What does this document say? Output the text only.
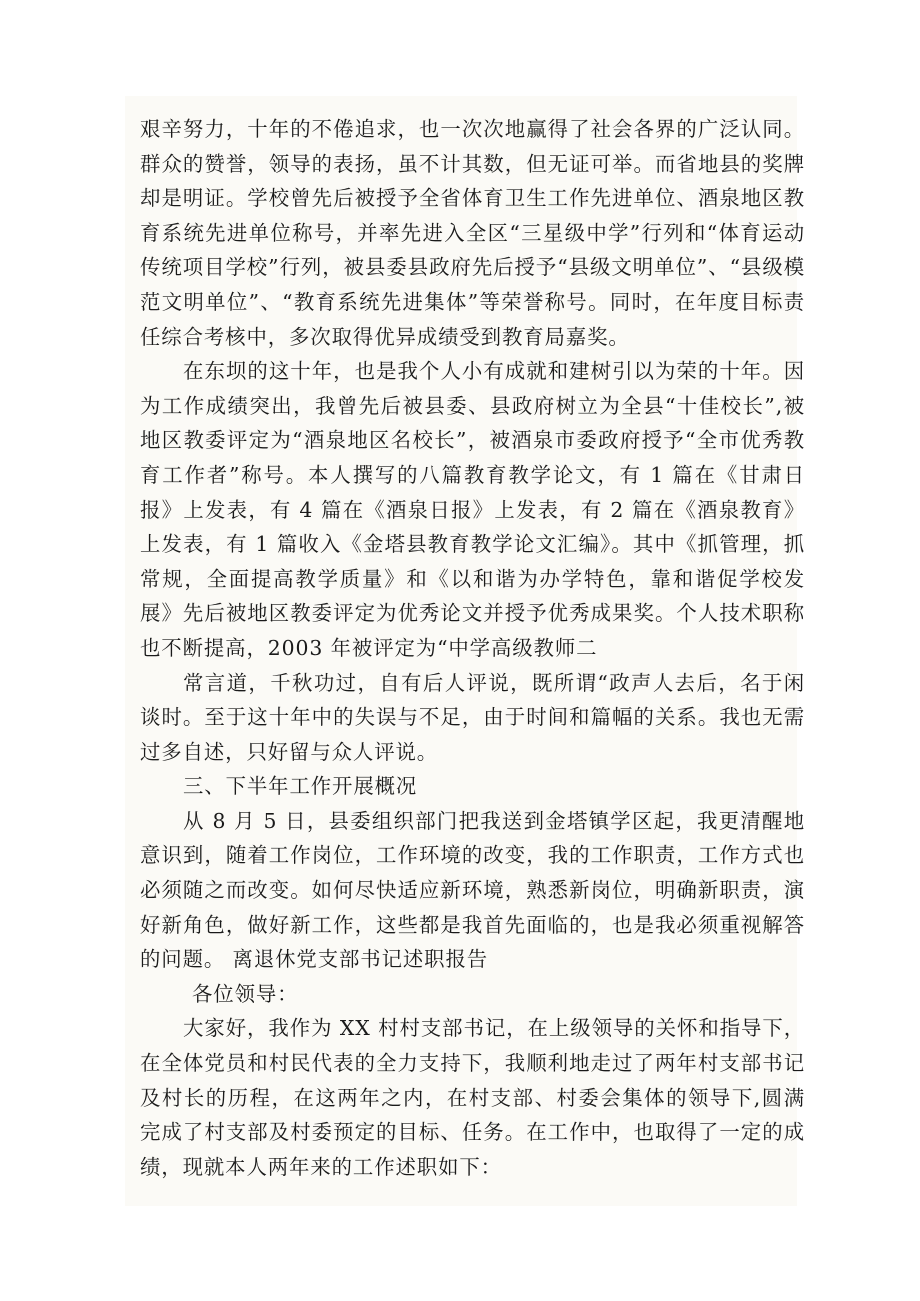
艰辛努力，十年的不倦追求，也一次次地赢得了社会各界的广泛认同。群众的赞誉，领导的表扬，虽不计其数，但无证可举。而省地县的奖牌却是明证。学校曾先后被授予全省体育卫生工作先进单位、酒泉地区教育系统先进单位称号，并率先进入全区“三星级中学”行列和“体育运动传统项目学校”行列，被县委县政府先后授予“县级文明单位”、“县级模范文明单位”、“教育系统先进集体”等荣誉称号。同时，在年度目标责任综合考核中，多次取得优异成绩受到教育局嘉奖。

在东坝的这十年，也是我个人小有成就和建树引以为荣的十年。因为工作成绩突出，我曾先后被县委、县政府树立为全县“十佳校长”,被地区教委评定为“酒泉地区名校长”，被酒泉市委政府授予“全市优秀教育工作者”称号。本人撰写的八篇教育教学论文，有 1 篇在《甘肃日报》上发表，有 4 篇在《酒泉日报》上发表，有 2 篇在《酒泉教育》上发表，有 1 篇收入《金塔县教育教学论文汇编》。其中《抓管理，抓常规，全面提高教学质量》和《以和谐为办学特色，靠和谐促学校发展》先后被地区教委评定为优秀论文并授予优秀成果奖。个人技术职称也不断提高，2003 年被评定为“中学高级教师二

常言道，千秋功过，自有后人评说，既所谓“政声人去后，名于闲谈时。至于这十年中的失误与不足，由于时间和篇幅的关系。我也无需过多自述，只好留与众人评说。

三、下半年工作开展概况

从 8 月 5 日，县委组织部门把我送到金塔镇学区起，我更清醒地意识到，随着工作岗位，工作环境的改变，我的工作职责，工作方式也必须随之而改变。如何尽快适应新环境，熟悉新岗位，明确新职责，演好新角色，做好新工作，这些都是我首先面临的，也是我必须重视解答的问题。 离退休党支部书记述职报告

各位领导：

大家好，我作为 XX 村村支部书记，在上级领导的关怀和指导下，在全体党员和村民代表的全力支持下，我顺利地走过了两年村支部书记及村长的历程，在这两年之内，在村支部、村委会集体的领导下,圆满完成了村支部及村委预定的目标、任务。在工作中，也取得了一定的成绩，现就本人两年来的工作述职如下：
